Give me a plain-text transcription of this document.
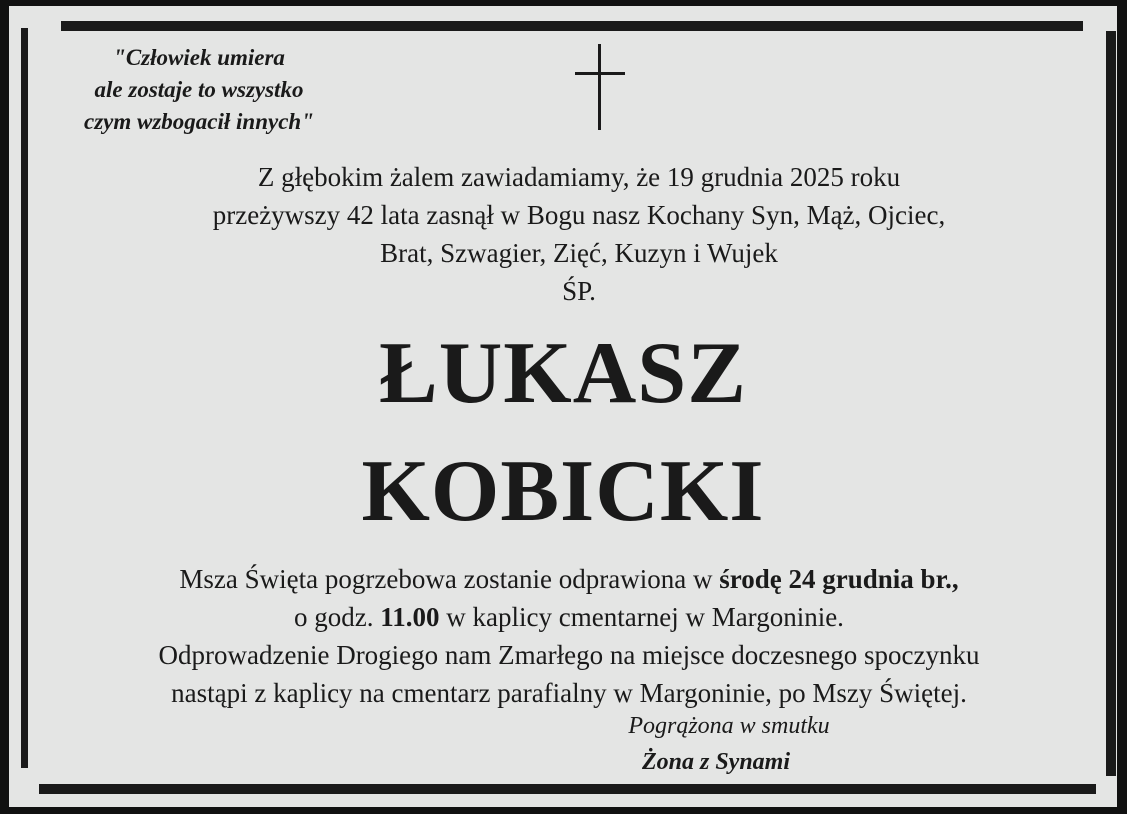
"Człowiek umiera
ale zostaje to wszystko
czym wzbogacił innych"
Z głębokim żalem zawiadamiamy, że 19 grudnia 2025 roku
przeżywszy 42 lata zasnął w Bogu nasz Kochany Syn, Mąż, Ojciec,
Brat, Szwagier, Zięć, Kuzyn i Wujek
ŚP.
ŁUKASZ
KOBICKI
Msza Święta pogrzebowa zostanie odprawiona w środę 24 grudnia br.,
o godz. 11.00 w kaplicy cmentarnej w Margoninie.
Odprowadzenie Drogiego nam Zmarłego na miejsce doczesnego spoczynku
nastąpi z kaplicy na cmentarz parafialny w Margoninie, po Mszy Świętej.
Pogrążona w smutku
Żona z Synami
